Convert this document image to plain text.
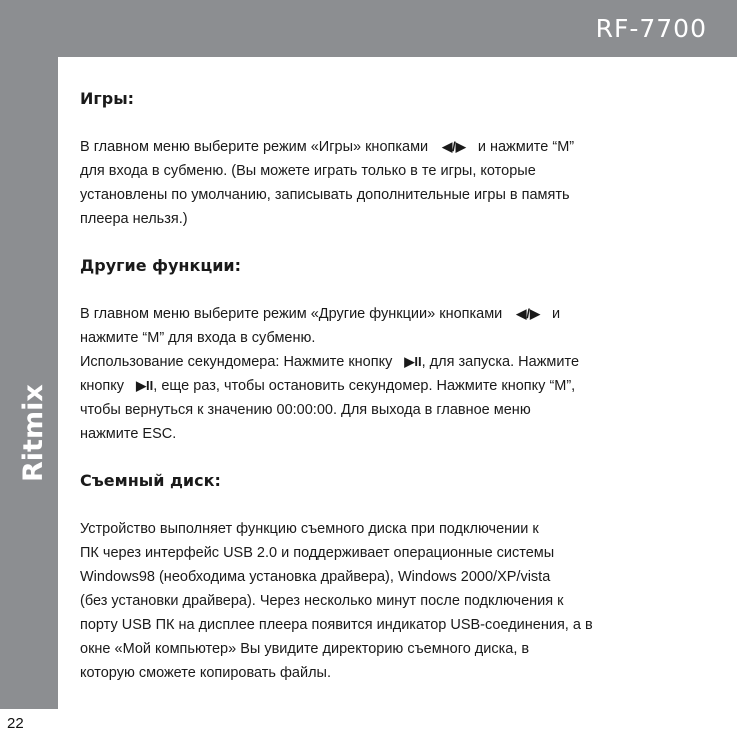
RF-7700
Ritmix
22
Игры:

В главном меню выберите режим «Игры» кнопками ◀/▶ и нажмите “M”

для входа в субменю. (Вы можете играть только в те игры, которые

установлены по умолчанию, записывать дополнительные игры в память

плеера нельзя.)

Другие функции:

В главном меню выберите режим «Другие функции» кнопками ◀/▶ и

нажмите “M” для входа в субменю.

Использование секундомера: Нажмите кнопку ▶II, для запуска. Нажмите

кнопку ▶II, еще раз, чтобы остановить секундомер. Нажмите кнопку “M”,

чтобы вернуться к значению 00:00:00. Для выхода в главное меню

нажмите ESC.

Съемный диск:

Устройство выполняет функцию съемного диска при подключении к

ПК через интерфейс USB 2.0 и поддерживает операционные системы

Windows98 (необходима установка драйвера), Windows 2000/XP/vista

(без установки драйвера). Через несколько минут после подключения к

порту USB ПК на дисплее плеера появится индикатор USB-соединения, а в

окне «Мой компьютер» Вы увидите директорию съемного диска, в

которую сможете копировать файлы.
